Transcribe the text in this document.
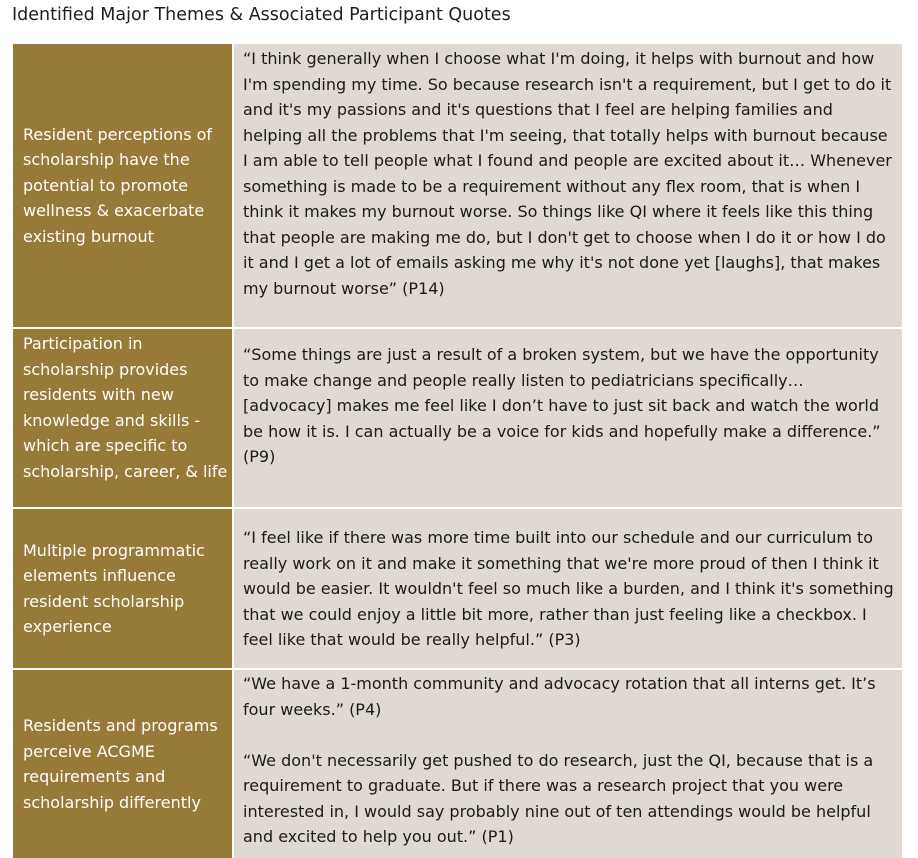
Identified Major Themes & Associated Participant Quotes
Resident perceptions of scholarship have the potential to promote wellness & exacerbate existing burnout

“I think generally when I choose what I'm doing, it helps with burnout and how I'm spending my time. So because research isn't a requirement, but I get to do it and it's my passions and it's questions that I feel are helping families and helping all the problems that I'm seeing, that totally helps with burnout because I am able to tell people what I found and people are excited about it… Whenever something is made to be a requirement without any flex room, that is when I think it makes my burnout worse. So things like QI where it feels like this thing that people are making me do, but I don't get to choose when I do it or how I do it and I get a lot of emails asking me why it's not done yet [laughs], that makes my burnout worse” (P14)

Participation in scholarship provides residents with new knowledge and skills - which are specific to scholarship, career, & life

“Some things are just a result of a broken system, but we have the opportunity to make change and people really listen to pediatricians specifically… [advocacy] makes me feel like I don’t have to just sit back and watch the world be how it is. I can actually be a voice for kids and hopefully make a difference.” (P9)

Multiple programmatic elements influence resident scholarship experience

“I feel like if there was more time built into our schedule and our curriculum to really work on it and make it something that we're more proud of then I think it would be easier. It wouldn't feel so much like a burden, and I think it's something that we could enjoy a little bit more, rather than just feeling like a checkbox. I feel like that would be really helpful.” (P3)

Residents and programs perceive ACGME requirements and scholarship differently

“We have a 1-month community and advocacy rotation that all interns get. It’s four weeks.” (P4)

“We don't necessarily get pushed to do research, just the QI, because that is a requirement to graduate. But if there was a research project that you were interested in, I would say probably nine out of ten attendings would be helpful and excited to help you out.” (P1)
